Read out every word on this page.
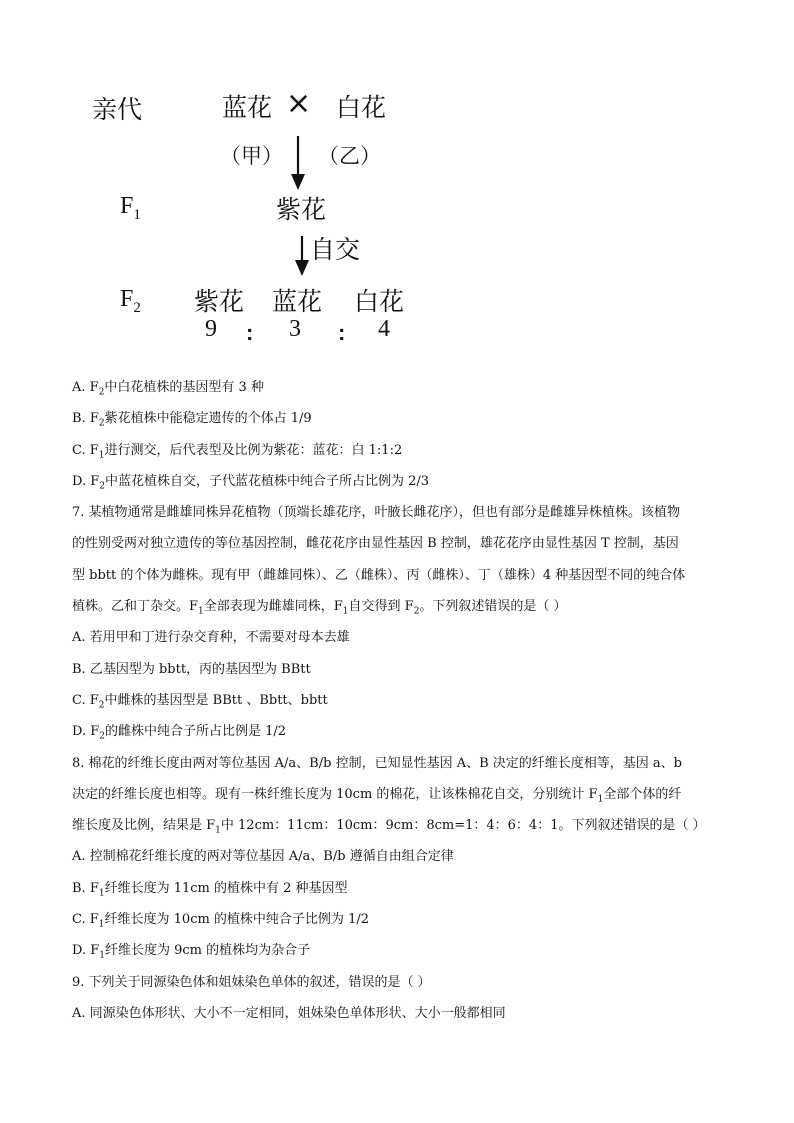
亲代	蓝花 × 白花
（甲） （乙）
$F_1$	紫花
自交
$F_2$ 紫花 蓝花 白花
9 : 3 : 4
A. $F_2$中白花植株的基因型有 3 种
B. $F_2$紫花植株中能稳定遗传的个体占 1/9
C. $F_1$进行测交，后代表型及比例为紫花：蓝花：白 1:1:2
D. $F_2$中蓝花植株自交，子代蓝花植株中纯合子所占比例为 2/3
7. 某植物通常是雌雄同株异花植物（顶端长雄花序，叶腋长雌花序），但也有部分是雌雄异株植株。该植物
的性别受两对独立遗传的等位基因控制，雌花花序由显性基因 B 控制，雄花花序由显性基因 T 控制，基因
型 bbtt 的个体为雌株。现有甲（雌雄同株）、乙（雌株）、丙（雌株）、丁（雄株）4 种基因型不同的纯合体
植株。乙和丁杂交。$F_1$全部表现为雌雄同株，$F_1$自交得到 $F_2$。下列叙述错误的是（ ）
A. 若用甲和丁进行杂交育种，不需要对母本去雄
B. 乙基因型为 bbtt，丙的基因型为 BBtt
C. $F_2$中雌株的基因型是 BBtt 、Bbtt、bbtt
D. $F_2$的雌株中纯合子所占比例是 1/2
8. 棉花的纤维长度由两对等位基因 A/a、B/b 控制，已知显性基因 A、B 决定的纤维长度相等，基因 a、b
决定的纤维长度也相等。现有一株纤维长度为 10cm 的棉花，让该株棉花自交，分别统计 $F_1$全部个体的纤
维长度及比例，结果是 $F_1$中 12cm：11cm：10cm：9cm：8cm=1：4：6：4：1。下列叙述错误的是（ ）
A. 控制棉花纤维长度的两对等位基因 A/a、B/b 遵循自由组合定律
B. $F_1$纤维长度为 11cm 的植株中有 2 种基因型
C. $F_1$纤维长度为 10cm 的植株中纯合子比例为 1/2
D. $F_1$纤维长度为 9cm 的植株均为杂合子
9. 下列关于同源染色体和姐妹染色单体的叙述，错误的是（ ）
A. 同源染色体形状、大小不一定相同，姐妹染色单体形状、大小一般都相同
